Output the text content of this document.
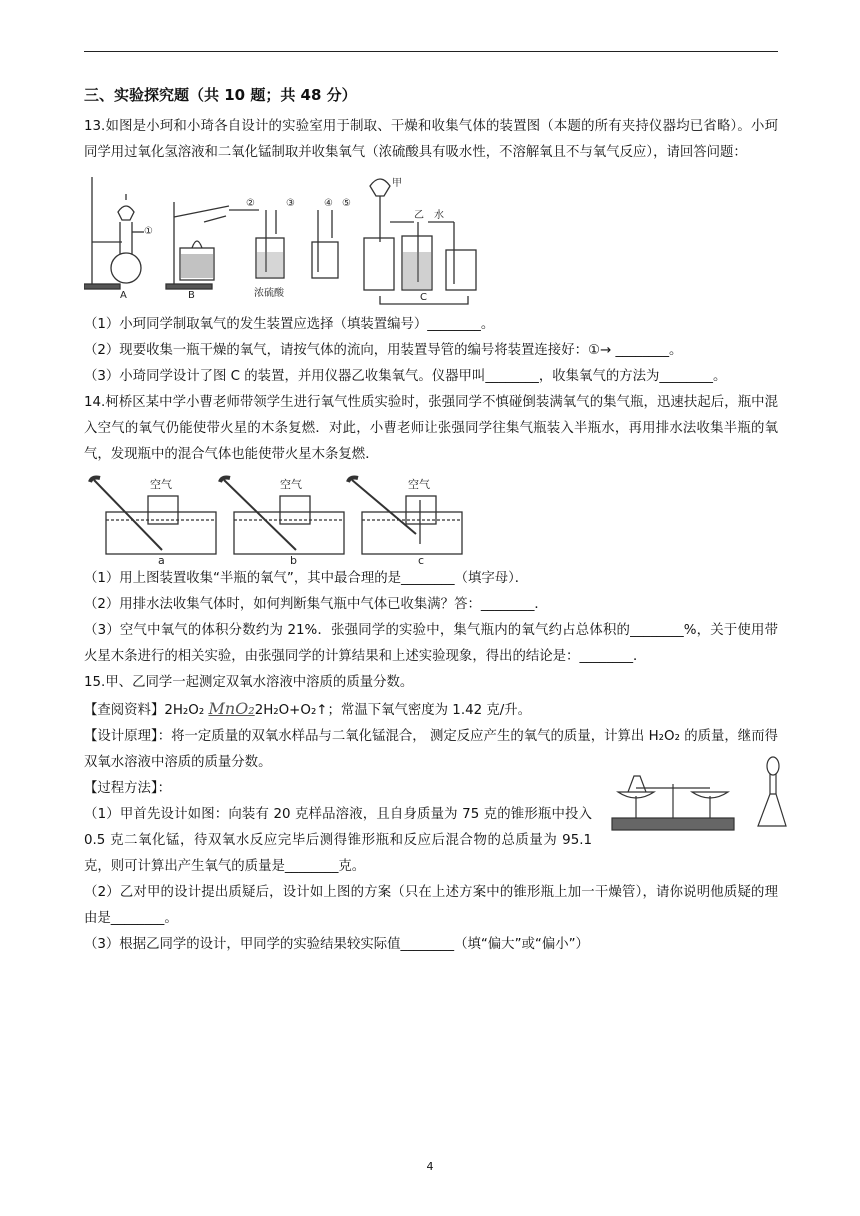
三、实验探究题（共 10 题；共 48 分）

13.如图是小珂和小琦各自设计的实验室用于制取、干燥和收集气体的装置图（本题的所有夹持仪器均已省略）。小珂同学用过氧化氢溶液和二氧化锰制取并收集氧气（浓硫酸具有吸水性，不溶解氧且不与氧气反应），请回答问题：

①
②	③	④ ⑤
A	B	浓硫酸	C
甲
乙 水

（1）小珂同学制取氧气的发生装置应选择（填装置编号）________。

（2）现要收集一瓶干燥的氧气，请按气体的流向，用装置导管的编号将装置连接好：①→ ________。

（3）小琦同学设计了图 C 的装置，并用仪器乙收集氧气。仪器甲叫________，收集氧气的方法为________。

14.柯桥区某中学小曹老师带领学生进行氧气性质实验时，张强同学不慎碰倒装满氧气的集气瓶，迅速扶起后，瓶中混入空气的氧气仍能使带火星的木条复燃．对此，小曹老师让张强同学往集气瓶装入半瓶水，再用排水法收集半瓶的氧气，发现瓶中的混合气体也能使带火星木条复燃．

空气	空气	空气
a	b	c

（1）用上图装置收集“半瓶的氧气”，其中最合理的是________（填字母）．

（2）用排水法收集气体时，如何判断集气瓶中气体已收集满？答：________．

（3）空气中氧气的体积分数约为 21%．张强同学的实验中，集气瓶内的氧气约占总体积的________%，关于使用带火星木条进行的相关实验，由张强同学的计算结果和上述实验现象，得出的结论是：________．

15.甲、乙同学一起测定双氧水溶液中溶质的质量分数。

【查阅资料】2H₂O₂ MnO₂2H₂O+O₂↑；常温下氧气密度为 1.42 克/升。

【设计原理】：将一定质量的双氧水样品与二氧化锰混合， 测定反应产生的氧气的质量，计算出 H₂O₂ 的质量，继而得双氧水溶液中溶质的质量分数。

【过程方法】：

（1）甲首先设计如图：向装有 20 克样品溶液，且自身质量为 75 克的锥形瓶中投入 0.5 克二氧化锰，待双氧水反应完毕后测得锥形瓶和反应后混合物的总质量为 95.1 克，则可计算出产生氧气的质量是________克。

（2）乙对甲的设计提出质疑后，设计如上图的方案（只在上述方案中的锥形瓶上加一干燥管），请你说明他质疑的理由是________。

（3）根据乙同学的设计，甲同学的实验结果较实际值________（填“偏大”或“偏小”）

4
